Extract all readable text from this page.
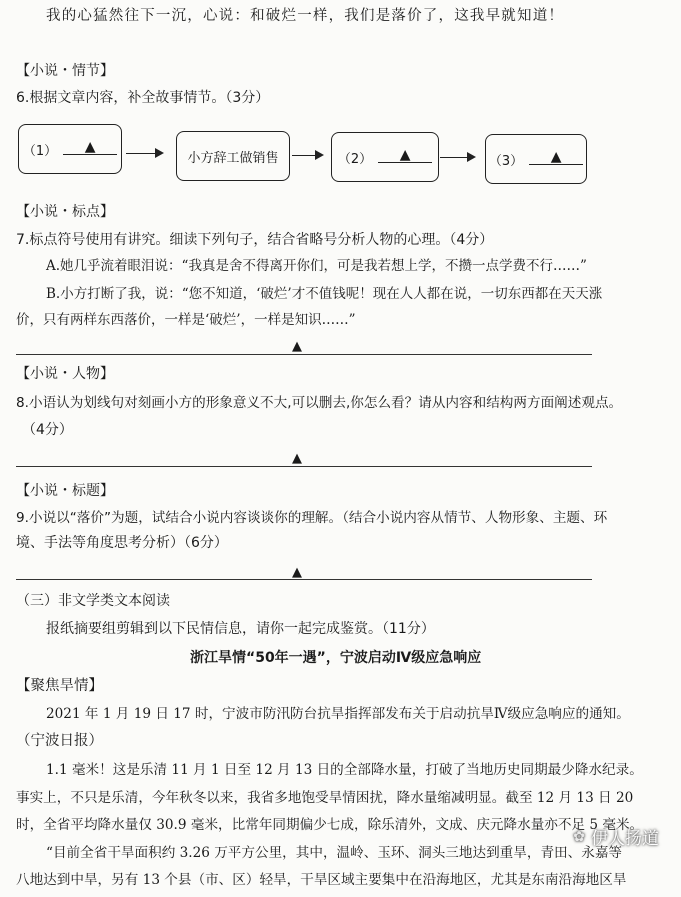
我的心猛然往下一沉，心说：和破烂一样，我们是落价了，这我早就知道！
【小说・情节】
6.根据文章内容，补全故事情节。（3分）
（1）	▲
小方辞工做销售	（2）	▲	（3）	▲
【小说・标点】
7.标点符号使用有讲究。细读下列句子，结合省略号分析人物的心理。（4分）
A.她几乎流着眼泪说：“我真是舍不得离开你们，可是我若想上学，不攒一点学费不行……”
B.小方打断了我，说：“您不知道，‘破烂’才不值钱呢！现在人人都在说，一切东西都在天天涨
价，只有两样东西落价，一样是‘破烂’，一样是知识……”
▲
【小说・人物】
8.小语认为划线句对刻画小方的形象意义不大,可以删去,你怎么看？请从内容和结构两方面阐述观点。
（4分）
▲
【小说・标题】
9.小说以“落价”为题，试结合小说内容谈谈你的理解。（结合小说内容从情节、人物形象、主题、环
境、手法等角度思考分析）（6分）
▲
（三）非文学类文本阅读
报纸摘要组剪辑到以下民情信息，请你一起完成鉴赏。（11分）
浙江旱情“50年一遇”，宁波启动Ⅳ级应急响应
【聚焦旱情】
2021 年 1 月 19 日 17 时，宁波市防汛防台抗旱指挥部发布关于启动抗旱Ⅳ级应急响应的通知。
（宁波日报）
1.1 毫米！这是乐清 11 月 1 日至 12 月 13 日的全部降水量，打破了当地历史同期最少降水纪录。
事实上，不只是乐清，今年秋冬以来，我省多地饱受旱情困扰，降水量缩减明显。截至 12 月 13 日 20
时，全省平均降水量仅 30.9 毫米，比常年同期偏少七成，除乐清外，文成、庆元降水量亦不足 5 毫米。
“目前全省干旱面积约 3.26 万平方公里，其中，温岭、玉环、洞头三地达到重旱，青田、永嘉等
八地达到中旱，另有 13 个县（市、区）轻旱，干旱区域主要集中在沿海地区，尤其是东南沿海地区旱
✿ 伊人扬道
